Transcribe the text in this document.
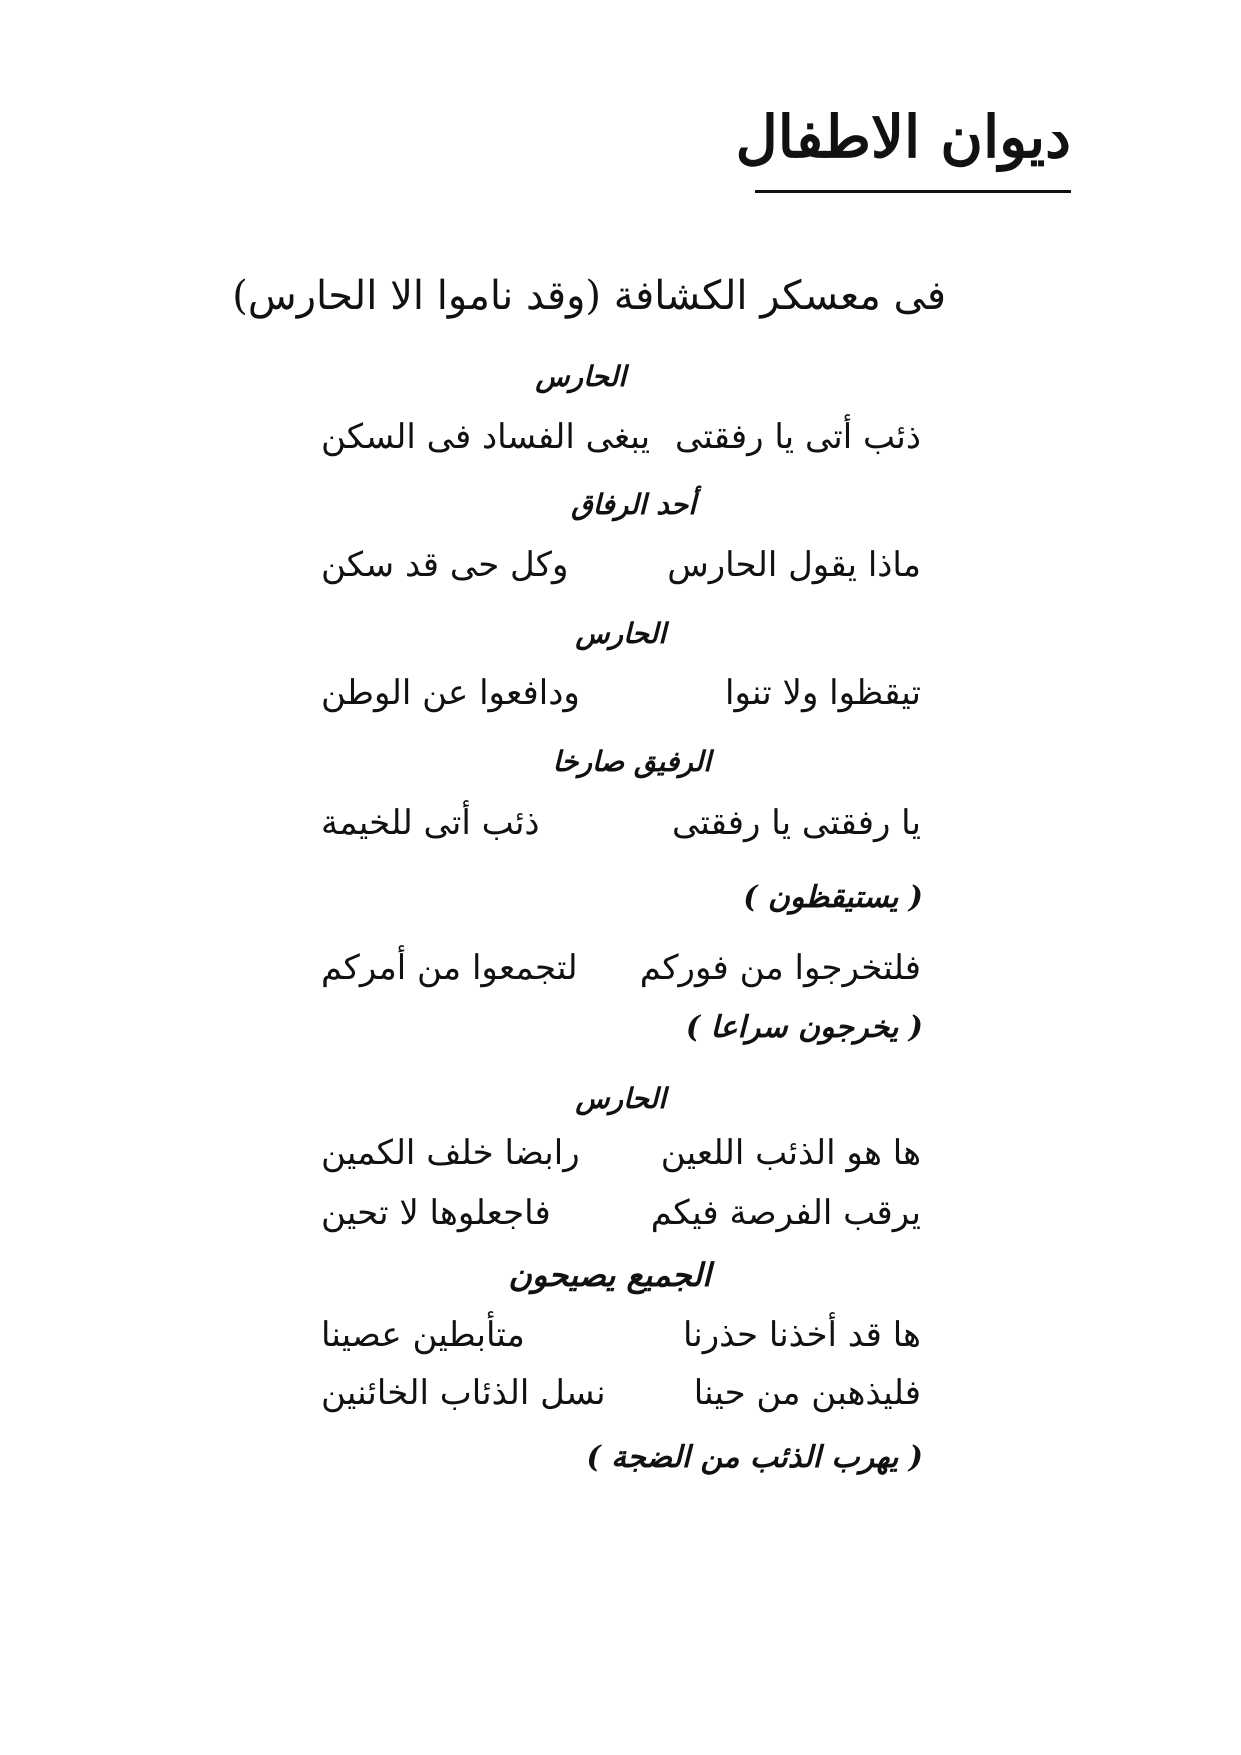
ديوان الاطفال
فى معسكر الكشافة (وقد ناموا الا الحارس)
الحارس
ذئب أتى يا رفقتى
يبغى الفساد فى السكن
أحد الرفاق
ماذا يقول الحارس
وكل حى قد سكن
الحارس
تيقظوا ولا تنوا
ودافعوا عن الوطن
الرفيق صارخا
يا رفقتى يا رفقتى
ذئب أتى للخيمة
( يستيقظون )
فلتخرجوا من فوركم
لتجمعوا من أمركم
( يخرجون سراعا )
الحارس
ها هو الذئب اللعين
رابضا خلف الكمين
يرقب الفرصة فيكم
فاجعلوها لا تحين
الجميع يصيحون
ها قد أخذنا حذرنا
متأبطين عصينا
فليذهبن من حينا
نسل الذئاب الخائنين
( يهرب الذئب من الضجة )
